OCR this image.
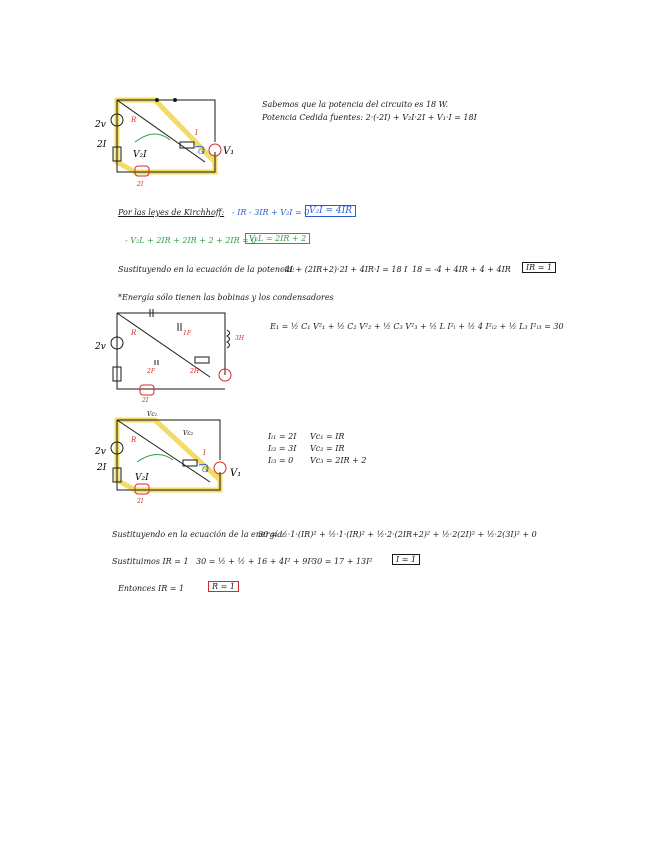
2v
2I
V₂I	V₁
R
I
G
2I
Sabemos que la potencia del circuito es 18 W.
Potencia Cedida fuentes: 2·(-2I) + V₂I·2I + V₁·I = 18I
Por las leyes de Kirchhoff: - IR - 3IR + V₂I = 0 V₂I = 4IR
- V₂L + 2IR + 2IR + 2 + 2IR = 0
V₂L = 2IR + 2
Sustituyendo en la ecuación de la potencia:
-4I + (2IR+2)·2I + 4IR·I = 18 I 18 = -4 + 4IR + 4 + 4IR	IR = 1
*Energía sólo tienen las bobinas y los condensadores
2v
R	1F
3H
2F	2H
2I
E₁ = ½ C₁ V²₁ + ½ C₂ V²₂ + ½ C₃ V²₃ + ½ L I²ₗ + ½ 4 I²ₗ₂ + ½ L₃ I²ₗ₃ = 30
2v
2I
V₂I	V₁
R
I
G
Vc₁
Vc₂
2I
Iₗ₁ = 2I
Iₗ₂ = 3I
Iₗ₃ = 0
Vc₁ = IR
Vc₂ = IR
Vc₃ = 2IR + 2
Sustituyendo en la ecuación de la energía:
30 = ½·1·(IR)² + ½·1·(IR)² + ½·2·(2IR+2)² + ½·2(2I)² + ½·2(3I)² + 0
Sustituimos IR = 1 30 = ½ + ½ + 16 + 4I² + 9I²
30 = 17 + 13I²	I = 1
Entonces IR = 1	R = 1
